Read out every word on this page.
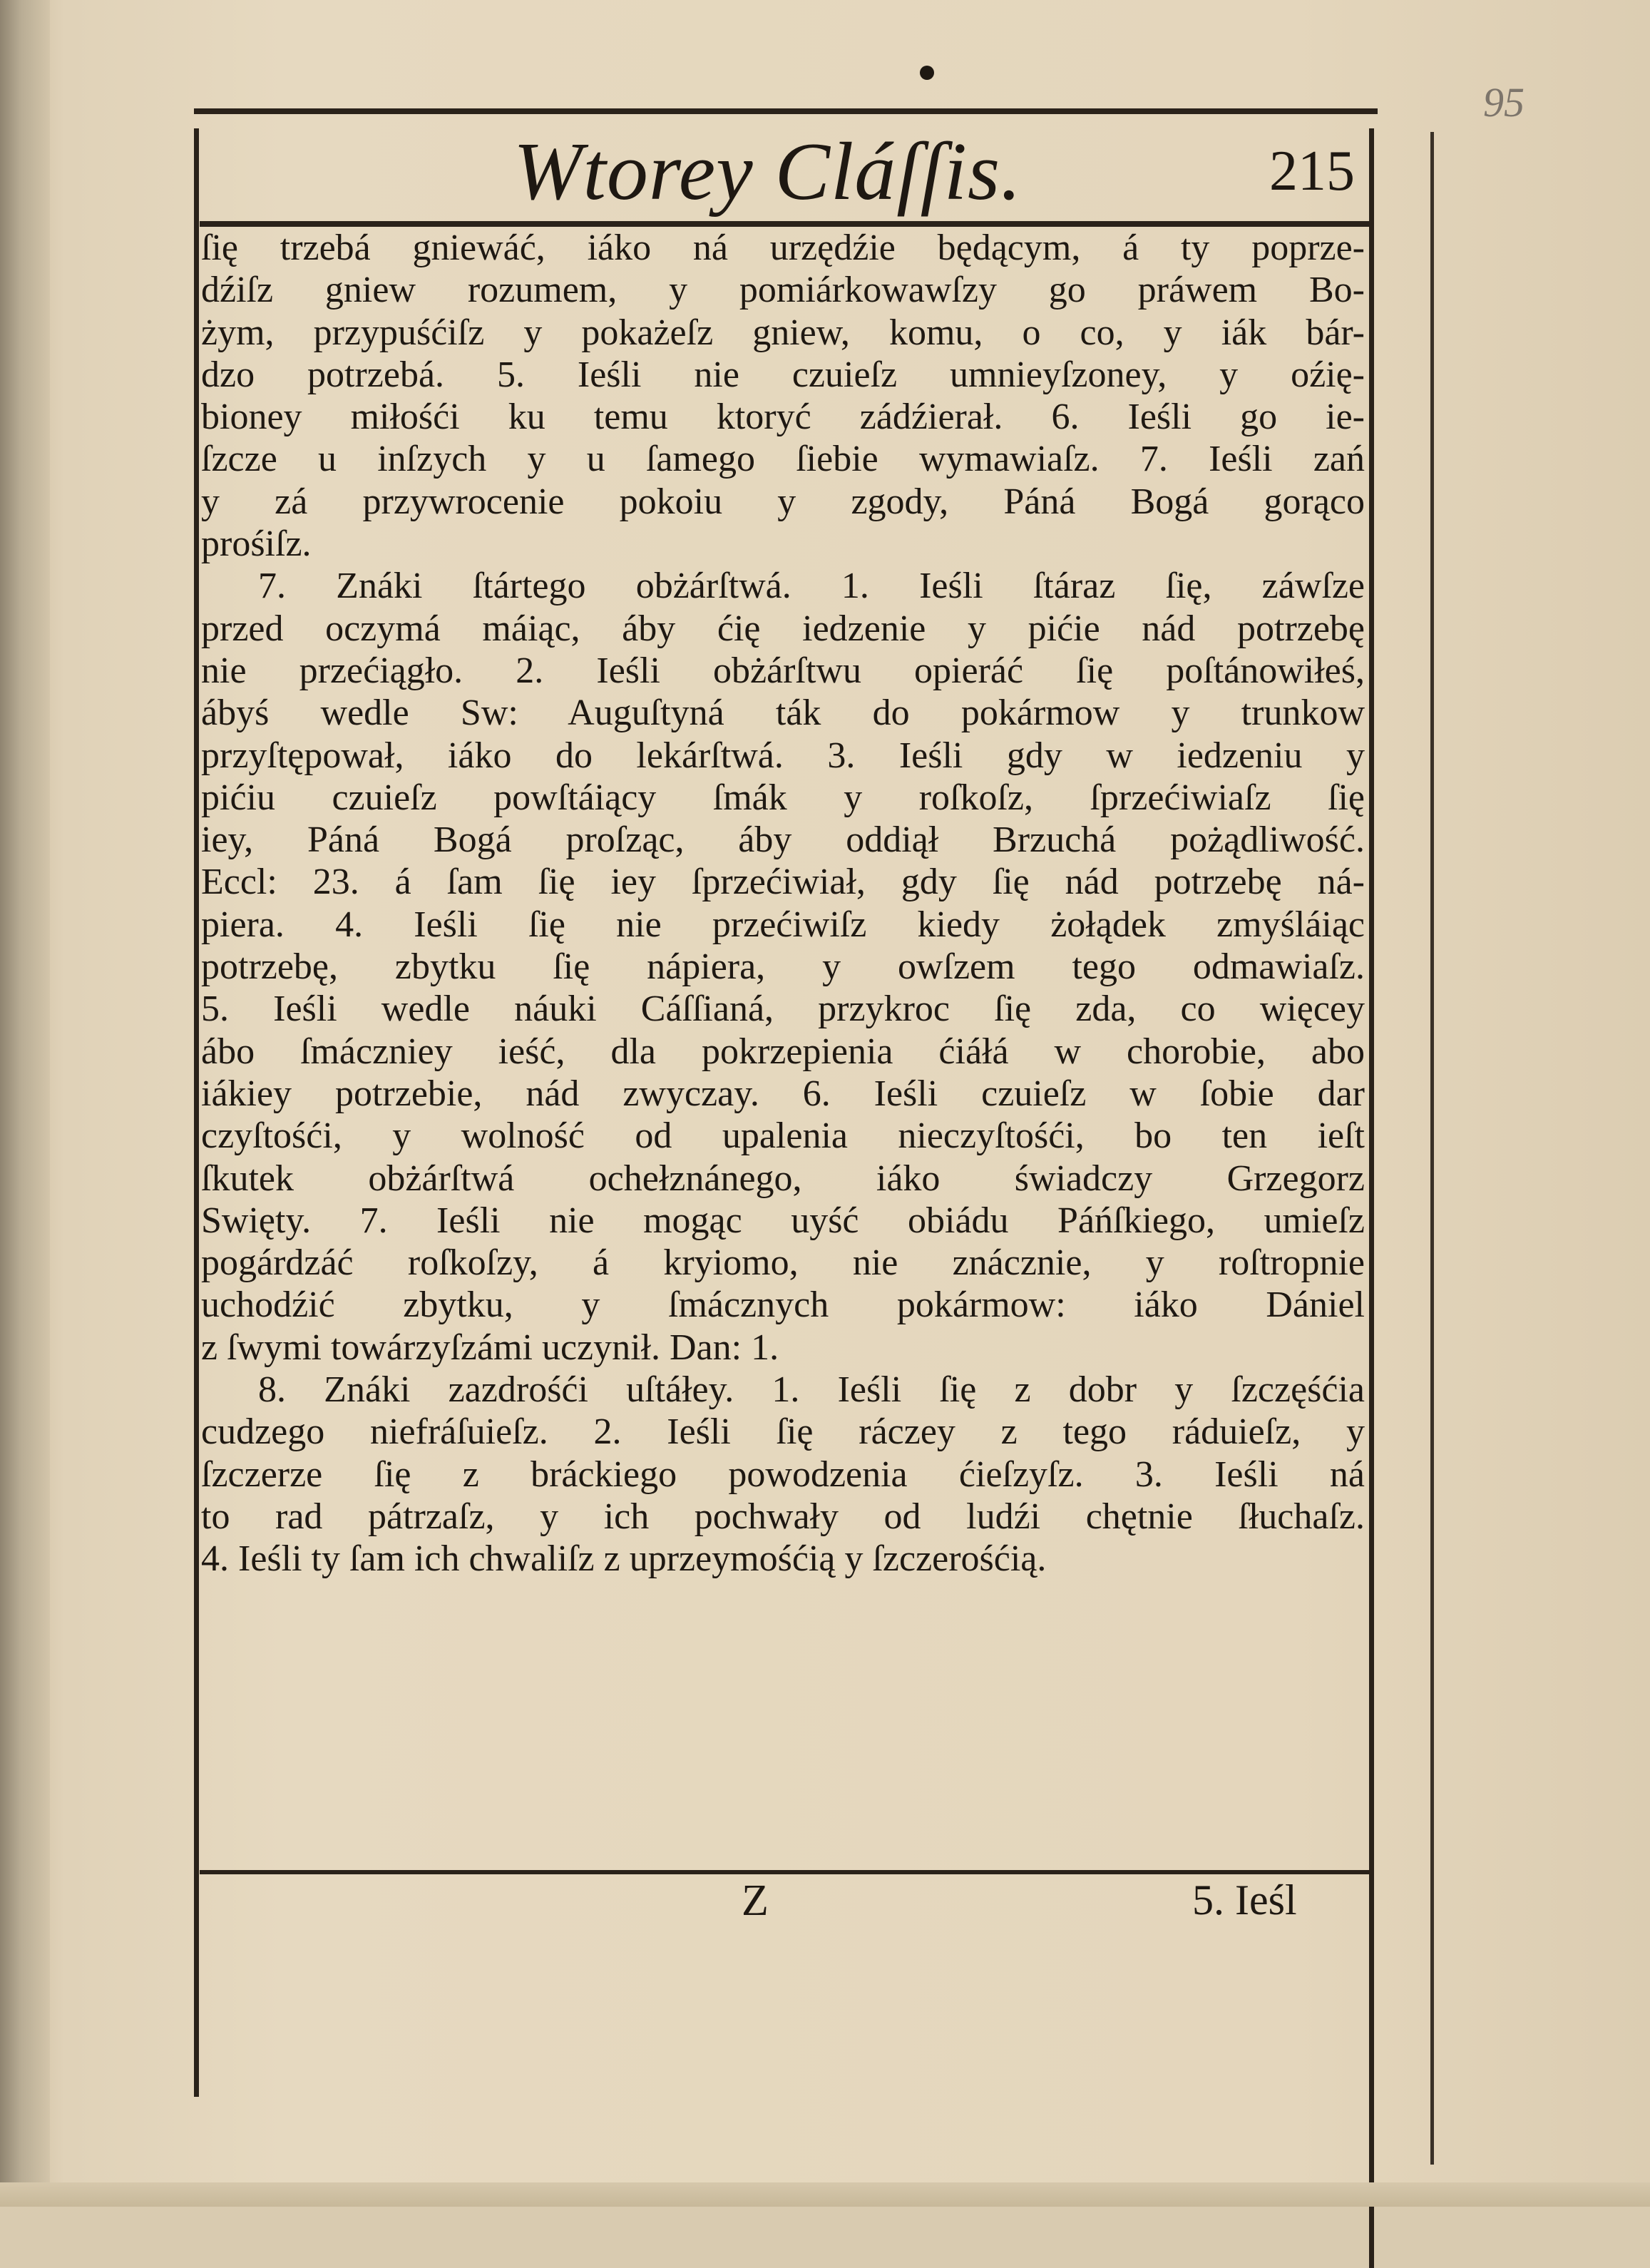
95
Wtorey Cláſſis.	215
ſię trzebá gniewáć, iáko ná urzędźie będącym, á ty poprze-
dźiſz gniew rozumem, y pomiárkowawſzy go práwem Bo-
żym, przypuśćiſz y pokażeſz gniew, komu, o co, y iák bár-
dzo potrzebá. 5. Ieśli nie czuieſz umnieyſzoney, y oźię-
bioney miłośći ku temu ktoryć zádźierał. 6. Ieśli go ie-
ſzcze u inſzych y u ſamego ſiebie wymawiaſz. 7. Ieśli zań
y zá przywrocenie pokoiu y zgody, Páná Bogá gorąco
prośiſz.
7. Znáki ſtártego obżárſtwá. 1. Ieśli ſtáraz ſię, záwſze
przed oczymá máiąc, áby ćię iedzenie y pićie nád potrzebę
nie przećiągło. 2. Ieśli obżárſtwu opieráć ſię poſtánowiłeś,
ábyś wedle Sw: Auguſtyná ták do pokármow y trunkow
przyſtępował, iáko do lekárſtwá. 3. Ieśli gdy w iedzeniu y
pićiu czuieſz powſtáiący ſmák y roſkoſz, ſprzećiwiaſz ſię
iey, Páná Bogá proſząc, áby oddiął Brzuchá pożądliwość.
Eccl: 23. á ſam ſię iey ſprzećiwiał, gdy ſię nád potrzebę ná-
piera. 4. Ieśli ſię nie przećiwiſz kiedy żołądek zmyśláiąc
potrzebę, zbytku ſię nápiera, y owſzem tego odmawiaſz.
5. Ieśli wedle náuki Cáſſianá, przykroc ſię zda, co więcey
ábo ſmáczniey ieść, dla pokrzepienia ćiáłá w chorobie, abo
iákiey potrzebie, nád zwyczay. 6. Ieśli czuieſz w ſobie dar
czyſtośći, y wolność od upalenia nieczyſtośći, bo ten ieſt
ſkutek obżárſtwá ochełznánego, iáko świadczy Grzegorz
Swięty. 7. Ieśli nie mogąc uyść obiádu Páńſkiego, umieſz
pogárdzáć roſkoſzy, á kryiomo, nie znácznie, y roſtropnie
uchodźić zbytku, y ſmácznych pokármow: iáko Dániel
z ſwymi towárzyſzámi uczynił. Dan: 1.
8. Znáki zazdrośći uſtáłey. 1. Ieśli ſię z dobr y ſzczęśćia
cudzego niefráſuieſz. 2. Ieśli ſię ráczey z tego ráduieſz, y
ſzczerze ſię z bráckiego powodzenia ćieſzyſz. 3. Ieśli ná
to rad pátrzaſz, y ich pochwały od ludźi chętnie ſłuchaſz.
4. Ieśli ty ſam ich chwaliſz z uprzeymośćią y ſzczerośćią.
Z	5. Ieśl
